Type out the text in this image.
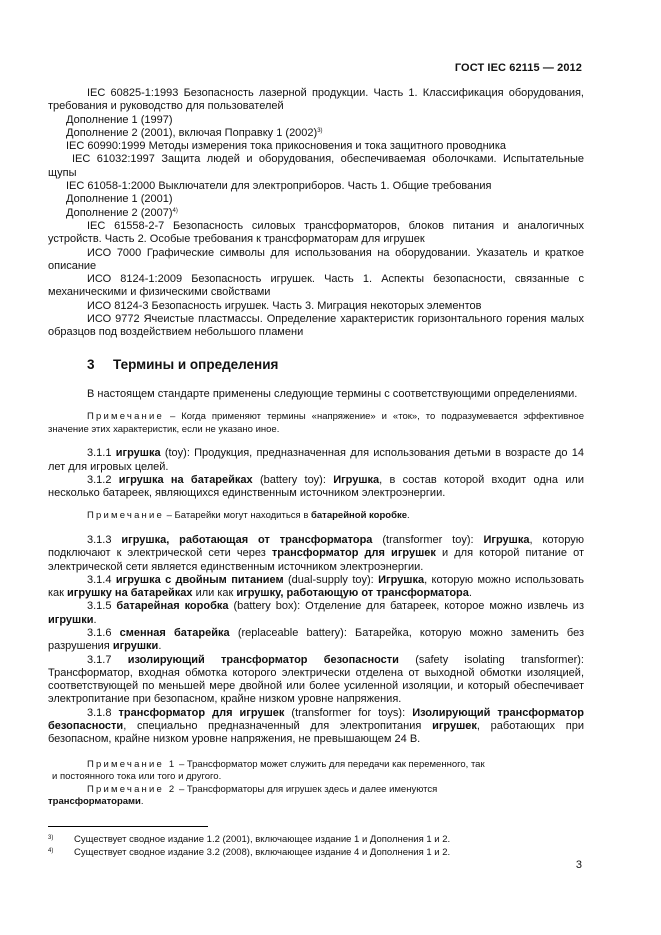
ГОСТ IEC 62115 — 2012

IEC 60825-1:1993 Безопасность лазерной продукции. Часть 1. Классификация оборудования, требования и руководство для пользователей

Дополнение 1 (1997)

Дополнение 2 (2001), включая Поправку 1 $(2002)^{3)}$

IEC 60990:1999 Методы измерения тока прикосновения и тока защитного проводника

IEC 61032:1997 Защита людей и оборудования, обеспечиваемая оболочками. Испытательные щупы

IEC 61058-1:2000 Выключатели для электроприборов. Часть 1. Общие требования

Дополнение 1 (2001)

Дополнение 2 $(2007)^{4)}$

IEC 61558-2-7 Безопасность силовых трансформаторов, блоков питания и аналогичных устройств. Часть 2. Особые требования к трансформаторам для игрушек

ИСО 7000 Графические символы для использования на оборудовании. Указатель и краткое описание

ИСО 8124-1:2009 Безопасность игрушек. Часть 1. Аспекты безопасности, связанные с механическими и физическими свойствами

ИСО 8124-3 Безопасность игрушек. Часть 3. Миграция некоторых элементов

ИСО 9772 Ячеистые пластмассы. Определение характеристик горизонтального горения малых образцов под воздействием небольшого пламени

3 Термины и определения

В настоящем стандарте применены следующие термины с соответствующими определениями.

Примечание – Когда применяют термины «напряжение» и «ток», то подразумевается эффективное значение этих характеристик, если не указано иное.

3.1.1 игрушка (toy): Продукция, предназначенная для использования детьми в возрасте до 14 лет для игровых целей.

3.1.2 игрушка на батарейках (battery toy): Игрушка, в состав которой входит одна или несколько батареек, являющихся единственным источником электроэнергии.

Примечание – Батарейки могут находиться в батарейной коробке.

3.1.3 игрушка, работающая от трансформатора (transformer toy): Игрушка, которую подключают к электрической сети через трансформатор для игрушек и для которой питание от электрической сети является единственным источником электроэнергии.

3.1.4 игрушка с двойным питанием (dual-supply toy): Игрушка, которую можно использовать как игрушку на батарейках или как игрушку, работающую от трансформатора.

3.1.5 батарейная коробка (battery box): Отделение для батареек, которое можно извлечь из игрушки.

3.1.6 сменная батарейка (replaceable battery): Батарейка, которую можно заменить без разрушения игрушки.

3.1.7 изолирующий трансформатор безопасности (safety isolating transformer): Трансформатор, входная обмотка которого электрически отделена от выходной обмотки изоляцией, соответствующей по меньшей мере двойной или более усиленной изоляции, и который обеспечивает электропитание при безопасном, крайне низком уровне напряжения.

3.1.8 трансформатор для игрушек (transformer for toys): Изолирующий трансформатор безопасности, специально предназначенный для электропитания игрушек, работающих при безопасном, крайне низком уровне напряжения, не превышающем 24 В.

Примечание 1 – Трансформатор может служить для передачи как переменного, так

и постоянного тока или того и другого.

Примечание 2 – Трансформаторы для игрушек здесь и далее именуются

трансформаторами.

3) Существует сводное издание 1.2 (2001), включающее издание 1 и Дополнения 1 и 2.
4) Существует сводное издание 3.2 (2008), включающее издание 4 и Дополнения 1 и 2.
3
